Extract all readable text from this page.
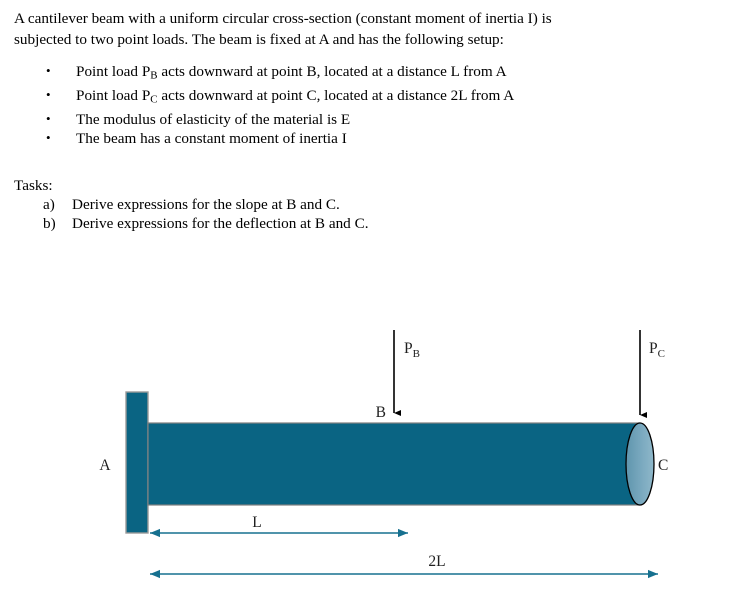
A cantilever beam with a uniform circular cross-section (constant moment of inertia I) is

subjected to two point loads. The beam is fixed at A and has the following setup:

• Point load $P_B$ acts downward at point B, located at a distance L from A
• Point load $P_C$ acts downward at point C, located at a distance 2L from A
• The modulus of elasticity of the material is E
• The beam has a constant moment of inertia I
Tasks:
a) Derive expressions for the slope at B and C.
b) Derive expressions for the deflection at B and C.
A
B
C
$P_B$	$P_C$
L
2L
